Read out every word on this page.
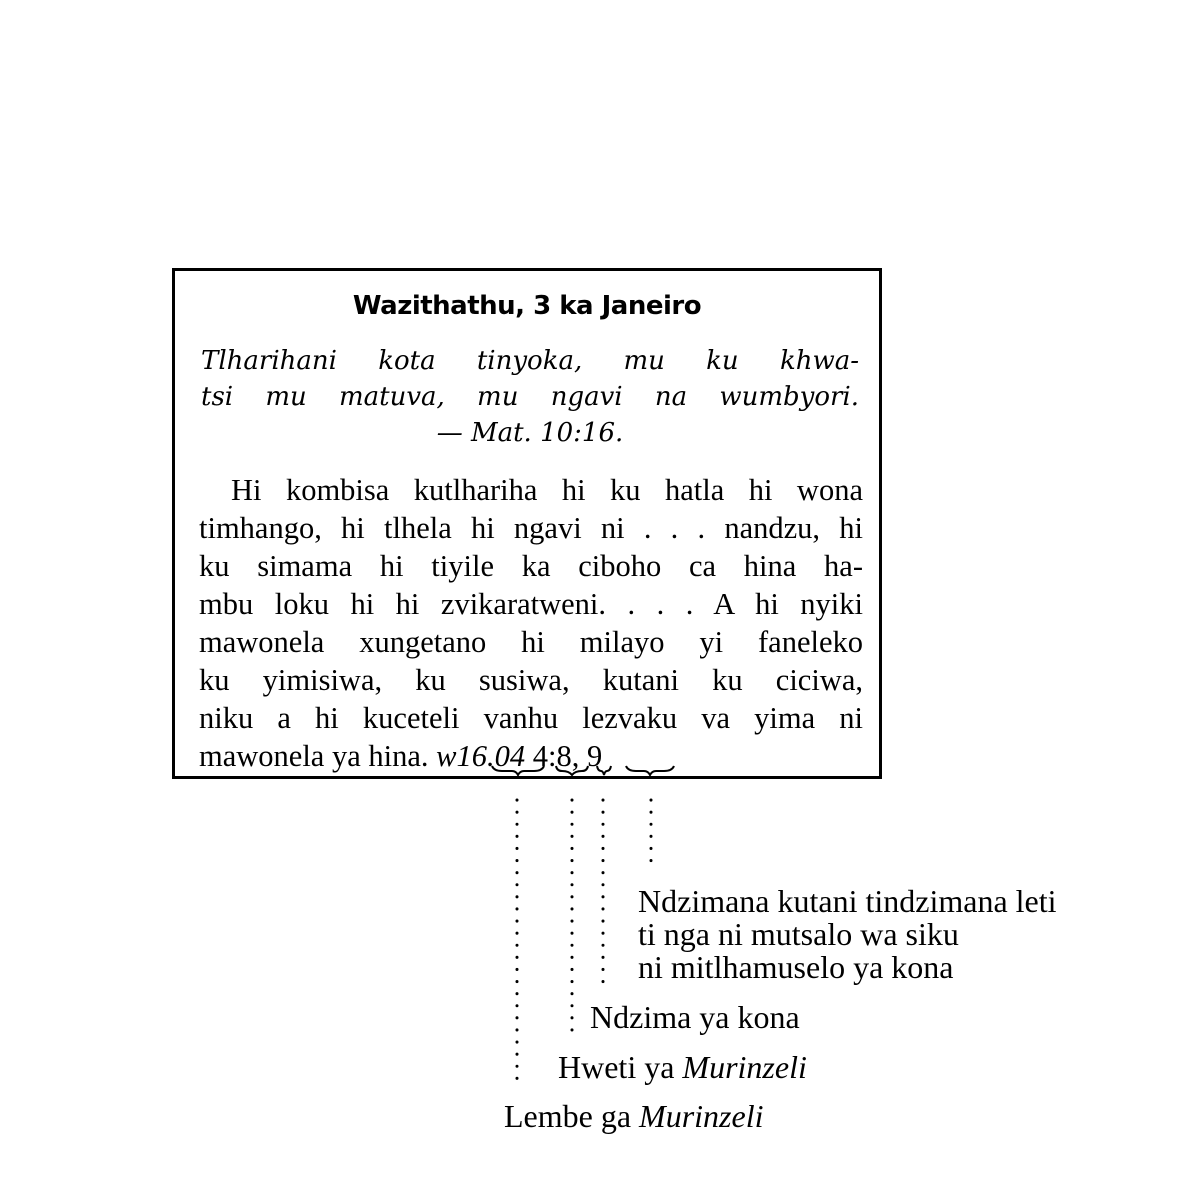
Wazithathu, 3 ka Janeiro
Tlharihani kota tinyoka, mu ku khwa-
tsi mu matuva, mu ngavi na wumbyori.
— Mat. 10:16.
Hi kombisa kutlhariha hi ku hatla hi wona
timhango, hi tlhela hi ngavi ni . . . nandzu, hi
ku simama hi tiyile ka ciboho ca hina ha-
mbu loku hi hi zvikaratweni. . . . A hi nyiki
mawonela xungetano hi milayo yi faneleko
ku yimisiwa, ku susiwa, kutani ku ciciwa,
niku a hi kuceteli vanhu lezvaku va yima ni
mawonela ya hina. w16.04 4:8, 9
Ndzimana kutani tindzimana leti
ti nga ni mutsalo wa siku
ni mitlhamuselo ya kona
Ndzima ya kona
Hweti ya Murinzeli
Lembe ga Murinzeli
